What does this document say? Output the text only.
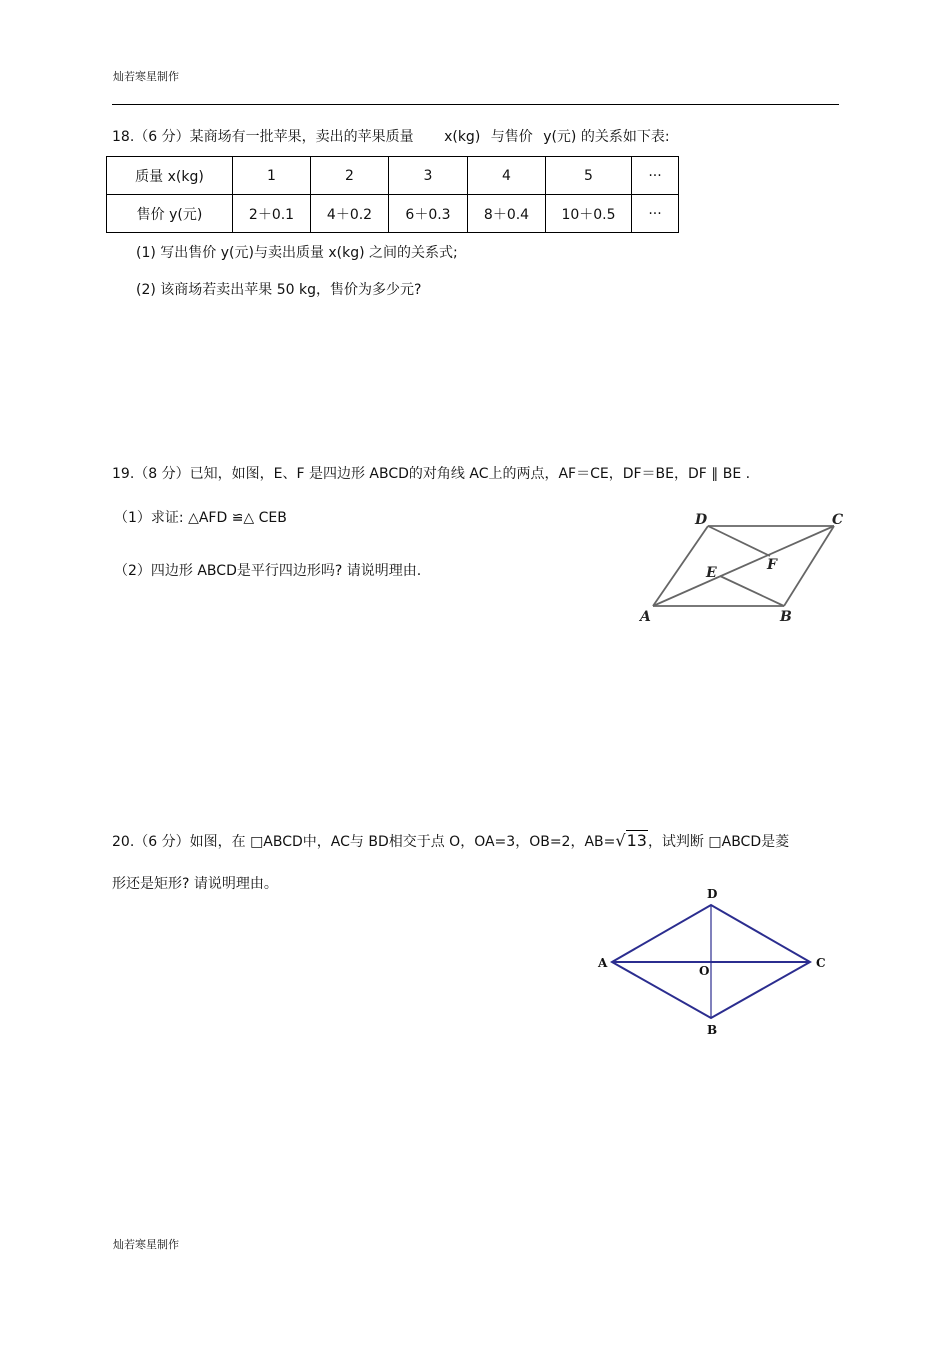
灿若寒星制作
18.（6 分）某商场有一批苹果，卖出的苹果质量 x(kg) 与售价 y(元) 的关系如下表:
质量 x(kg)	1	2	3	4	5	···
售价 y(元)	2＋0.1	4＋0.2	6＋0.3	8＋0.4	10＋0.5	···
(1) 写出售价 y(元)与卖出质量 x(kg) 之间的关系式;
(2) 该商场若卖出苹果 50 kg，售价为多少元?
19.（8 分）已知，如图，E、F 是四边形 ABCD的对角线 AC上的两点，AF＝CE，DF＝BE，DF ∥ BE .
（1）求证: △AFD ≌△ CEB
（2）四边形 ABCD是平行四边形吗? 请说明理由.
A	B
C
D
E	F
20.（6 分）如图，在 □ABCD中，AC与 BD相交于点 O，OA=3，OB=2，AB=√13，试判断 □ABCD是菱
形还是矩形? 请说明理由。
A
B
C
D
O
灿若寒星制作
